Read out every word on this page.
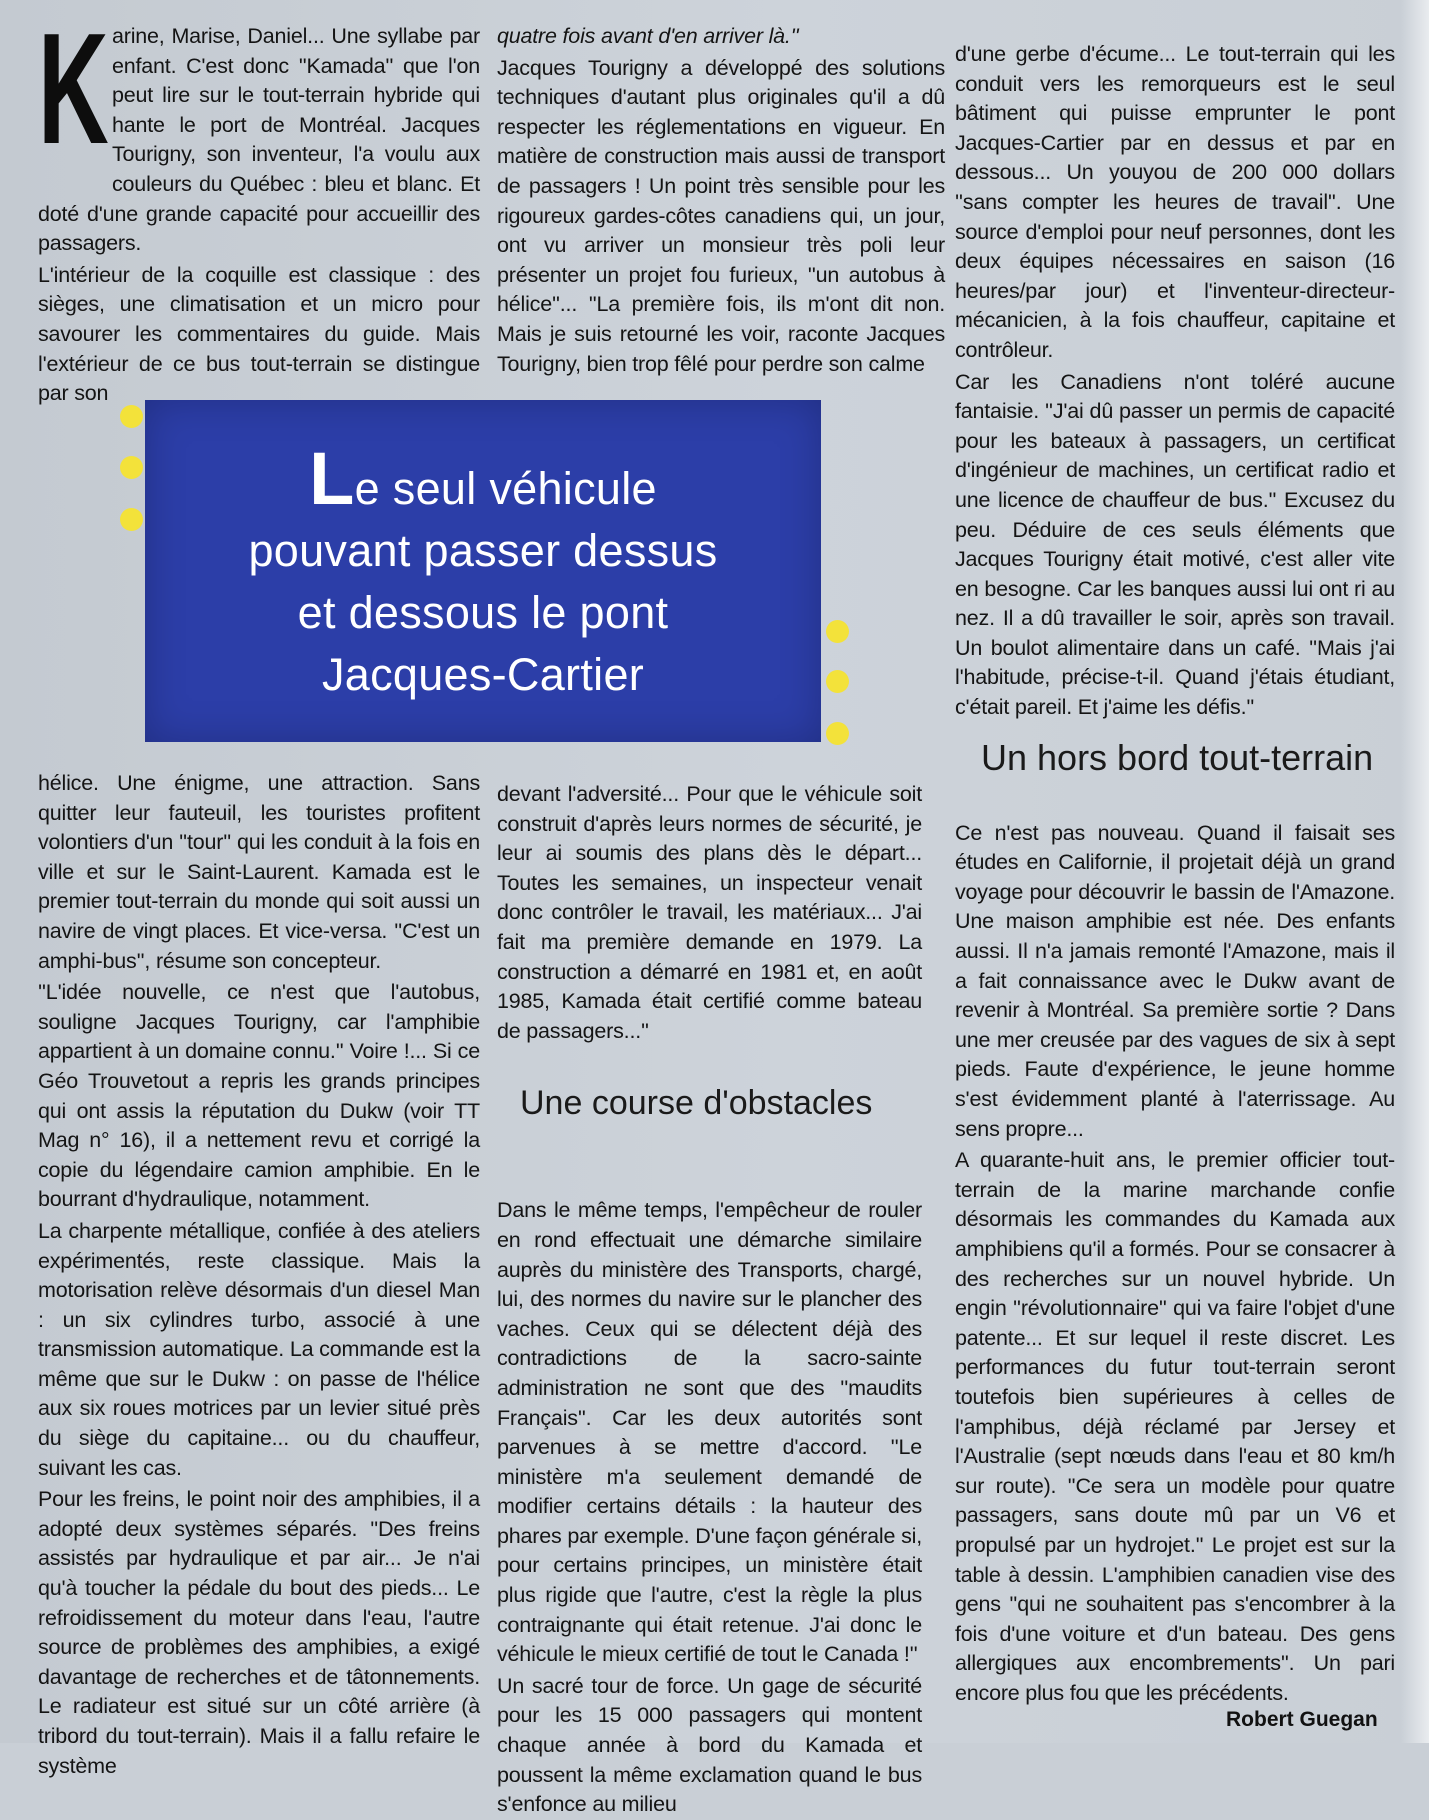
K arine, Marise, Daniel... Une syllabe par enfant. C'est donc ''Kamada'' que l'on peut lire sur le tout-terrain hybride qui hante le port de Montréal. Jacques Tourigny, son inventeur, l'a voulu aux couleurs du Québec : bleu et blanc. Et doté d'une grande capacité pour accueillir des passagers.

L'intérieur de la coquille est classique : des sièges, une climatisation et un micro pour savourer les commentaires du guide. Mais l'extérieur de ce bus tout-terrain se distingue par son

quatre fois avant d'en arriver là.''

Jacques Tourigny a développé des solutions techniques d'autant plus originales qu'il a dû respecter les réglementations en vigueur. En matière de construction mais aussi de transport de passagers ! Un point très sensible pour les rigoureux gardes-côtes canadiens qui, un jour, ont vu arriver un monsieur très poli leur présenter un projet fou furieux, ''un autobus à hélice''... ''La première fois, ils m'ont dit non. Mais je suis retourné les voir, raconte Jacques Tourigny, bien trop fêlé pour perdre son calme

Le seul véhicule
pouvant passer dessus
et dessous le pont
Jacques-Cartier

hélice. Une énigme, une attraction. Sans quitter leur fauteuil, les touristes profitent volontiers d'un ''tour'' qui les conduit à la fois en ville et sur le Saint-Laurent. Kamada est le premier tout-terrain du monde qui soit aussi un navire de vingt places. Et vice-versa. ''C'est un amphi-bus'', résume son concepteur.

''L'idée nouvelle, ce n'est que l'autobus, souligne Jacques Tourigny, car l'amphibie appartient à un domaine connu.'' Voire !... Si ce Géo Trouvetout a repris les grands principes qui ont assis la réputation du Dukw (voir TT Mag n° 16), il a nettement revu et corrigé la copie du légendaire camion amphibie. En le bourrant d'hydraulique, notamment.

La charpente métallique, confiée à des ateliers expérimentés, reste classique. Mais la motorisation relève désormais d'un diesel Man : un six cylindres turbo, associé à une transmission automatique. La commande est la même que sur le Dukw : on passe de l'hélice aux six roues motrices par un levier situé près du siège du capitaine... ou du chauffeur, suivant les cas.

Pour les freins, le point noir des amphibies, il a adopté deux systèmes séparés. ''Des freins assistés par hydraulique et par air... Je n'ai qu'à toucher la pédale du bout des pieds... Le refroidissement du moteur dans l'eau, l'autre source de problèmes des amphibies, a exigé davantage de recherches et de tâtonnements. Le radiateur est situé sur un côté arrière (à tribord du tout-terrain). Mais il a fallu refaire le système

devant l'adversité... Pour que le véhicule soit construit d'après leurs normes de sécurité, je leur ai soumis des plans dès le départ... Toutes les semaines, un inspecteur venait donc contrôler le travail, les matériaux... J'ai fait ma première demande en 1979. La construction a démarré en 1981 et, en août 1985, Kamada était certifié comme bateau de passagers...''

Dans le même temps, l'empêcheur de rouler en rond effectuait une démarche similaire auprès du ministère des Transports, chargé, lui, des normes du navire sur le plancher des vaches. Ceux qui se délectent déjà des contradictions de la sacro-sainte administration ne sont que des ''maudits Français''. Car les deux autorités sont parvenues à se mettre d'accord. ''Le ministère m'a seulement demandé de modifier certains détails : la hauteur des phares par exemple. D'une façon générale si, pour certains principes, un ministère était plus rigide que l'autre, c'est la règle la plus contraignante qui était retenue. J'ai donc le véhicule le mieux certifié de tout le Canada !''

Un sacré tour de force. Un gage de sécurité pour les 15 000 passagers qui montent chaque année à bord du Kamada et poussent la même exclamation quand le bus s'enfonce au milieu

Une course d'obstacles

d'une gerbe d'écume... Le tout-terrain qui les conduit vers les remorqueurs est le seul bâtiment qui puisse emprunter le pont Jacques-Cartier par en dessus et par en dessous... Un youyou de 200 000 dollars ''sans compter les heures de travail''. Une source d'emploi pour neuf personnes, dont les deux équipes nécessaires en saison (16 heures/par jour) et l'inventeur-directeur-mécanicien, à la fois chauffeur, capitaine et contrôleur.

Car les Canadiens n'ont toléré aucune fantaisie. ''J'ai dû passer un permis de capacité pour les bateaux à passagers, un certificat d'ingénieur de machines, un certificat radio et une licence de chauffeur de bus.'' Excusez du peu. Déduire de ces seuls éléments que Jacques Tourigny était motivé, c'est aller vite en besogne. Car les banques aussi lui ont ri au nez. Il a dû travailler le soir, après son travail. Un boulot alimentaire dans un café. ''Mais j'ai l'habitude, précise-t-il. Quand j'étais étudiant, c'était pareil. Et j'aime les défis.''

Ce n'est pas nouveau. Quand il faisait ses études en Californie, il projetait déjà un grand voyage pour découvrir le bassin de l'Amazone. Une maison amphibie est née. Des enfants aussi. Il n'a jamais remonté l'Amazone, mais il a fait connaissance avec le Dukw avant de revenir à Montréal. Sa première sortie ? Dans une mer creusée par des vagues de six à sept pieds. Faute d'expérience, le jeune homme s'est évidemment planté à l'aterrissage. Au sens propre...

A quarante-huit ans, le premier officier tout-terrain de la marine marchande confie désormais les commandes du Kamada aux amphibiens qu'il a formés. Pour se consacrer à des recherches sur un nouvel hybride. Un engin ''révolutionnaire'' qui va faire l'objet d'une patente... Et sur lequel il reste discret. Les performances du futur tout-terrain seront toutefois bien supérieures à celles de l'amphibus, déjà réclamé par Jersey et l'Australie (sept nœuds dans l'eau et 80 km/h sur route). ''Ce sera un modèle pour quatre passagers, sans doute mû par un V6 et propulsé par un hydrojet.'' Le projet est sur la table à dessin. L'amphibien canadien vise des gens ''qui ne souhaitent pas s'encombrer à la fois d'une voiture et d'un bateau. Des gens allergiques aux encombrements''. Un pari encore plus fou que les précédents.

Un hors bord tout-terrain
Robert Guegan
